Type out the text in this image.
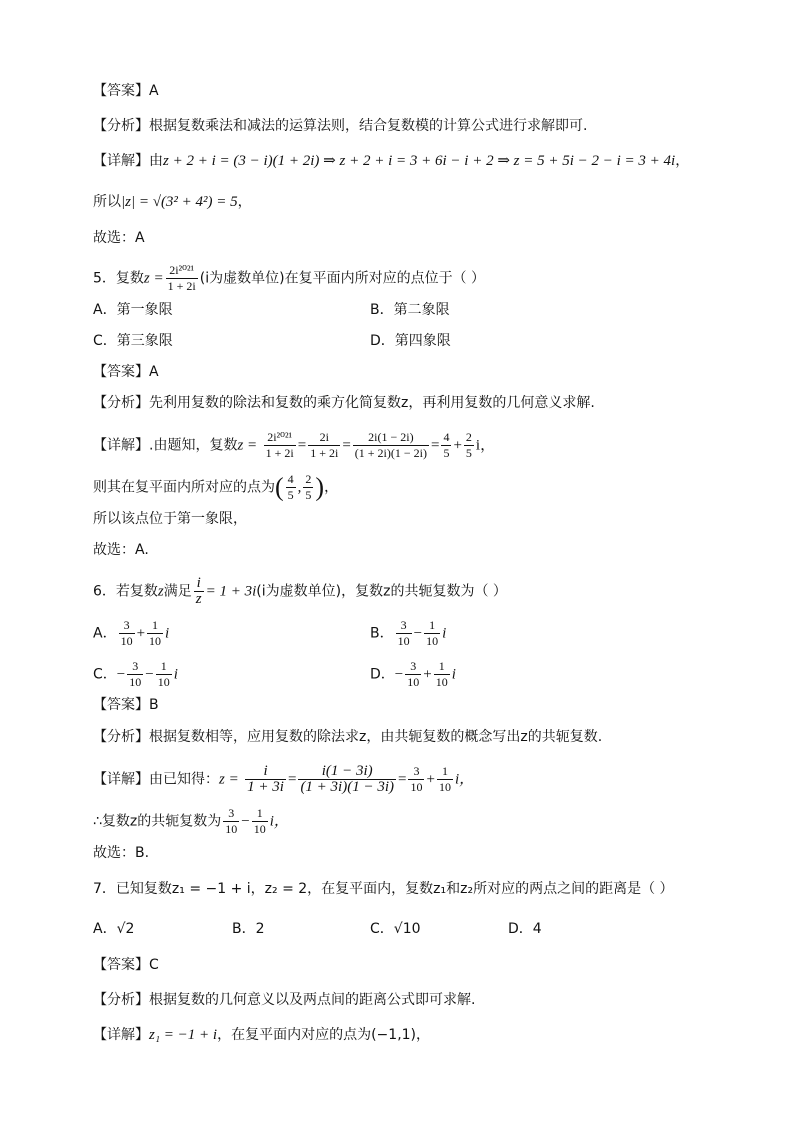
【答案】A
【分析】根据复数乘法和减法的运算法则，结合复数模的计算公式进行求解即可.
【详解】由z + 2 + i = (3 − i)(1 + 2i) ⇒ z + 2 + i = 3 + 6i − i + 2 ⇒ z = 5 + 5i − 2 − i = 3 + 4i，
所以|z| = √(3² + 4²) = 5，
故选：A
5．复数$z = \frac{\text{2i²⁰²¹}}{1 + 2i} (i$为虚数单位)在复平面内所对应的点位于（ ）
A．第一象限	B．第二象限
C．第三象限	D．第四象限
【答案】A
【分析】先利用复数的除法和复数的乘方化简复数z，再利用复数的几何意义求解.
【详解】.由题知，复数$z = \frac{\text{2i²⁰²¹}}{1 + 2i} = \frac{2i}{1 + 2i} = \frac{2i(1 - 2i)}{(1 + 2i)(1 - 2i)} = \frac{4}{5} + \frac{2}{5}$ i，
则其在复平面内所对应的点为( $\frac{4}{5}$ , $\frac{2}{5}$ )，
所以该点位于第一象限，
故选：A.
6．若复数z满足 $\frac{i}{z} = 1 + 3i(i$为虚数单位)，复数z的共轭复数为（ ）
A． $\frac{3}{10} + \frac{1}{10}$ i	B． $\frac{3}{10} - \frac{1}{10}$ i
C．− $\frac{3}{10} - \frac{1}{10}$ i	D．− $\frac{3}{10} + \frac{1}{10}$ i
【答案】B
【分析】根据复数相等，应用复数的除法求z，由共轭复数的概念写出z的共轭复数.
【详解】由已知得：$z = \frac{i}{1 + 3i} = \frac{i(1 - 3i)}{(1 + 3i)(1 - 3i)} = \frac{3}{10} + \frac{1}{10}$ i，
∴复数z的共轭复数为 $\frac{3}{10} - \frac{1}{10}$ i，
故选：B.
7．已知复数z₁ = −1 + i，z₂ = 2，在复平面内，复数z₁和z₂所对应的两点之间的距离是（ ）
A．√2	B．2	C．√10	D．4
【答案】C
【分析】根据复数的几何意义以及两点间的距离公式即可求解.
【详解】z₁ = −1 + i，在复平面内对应的点为(−1,1)，
